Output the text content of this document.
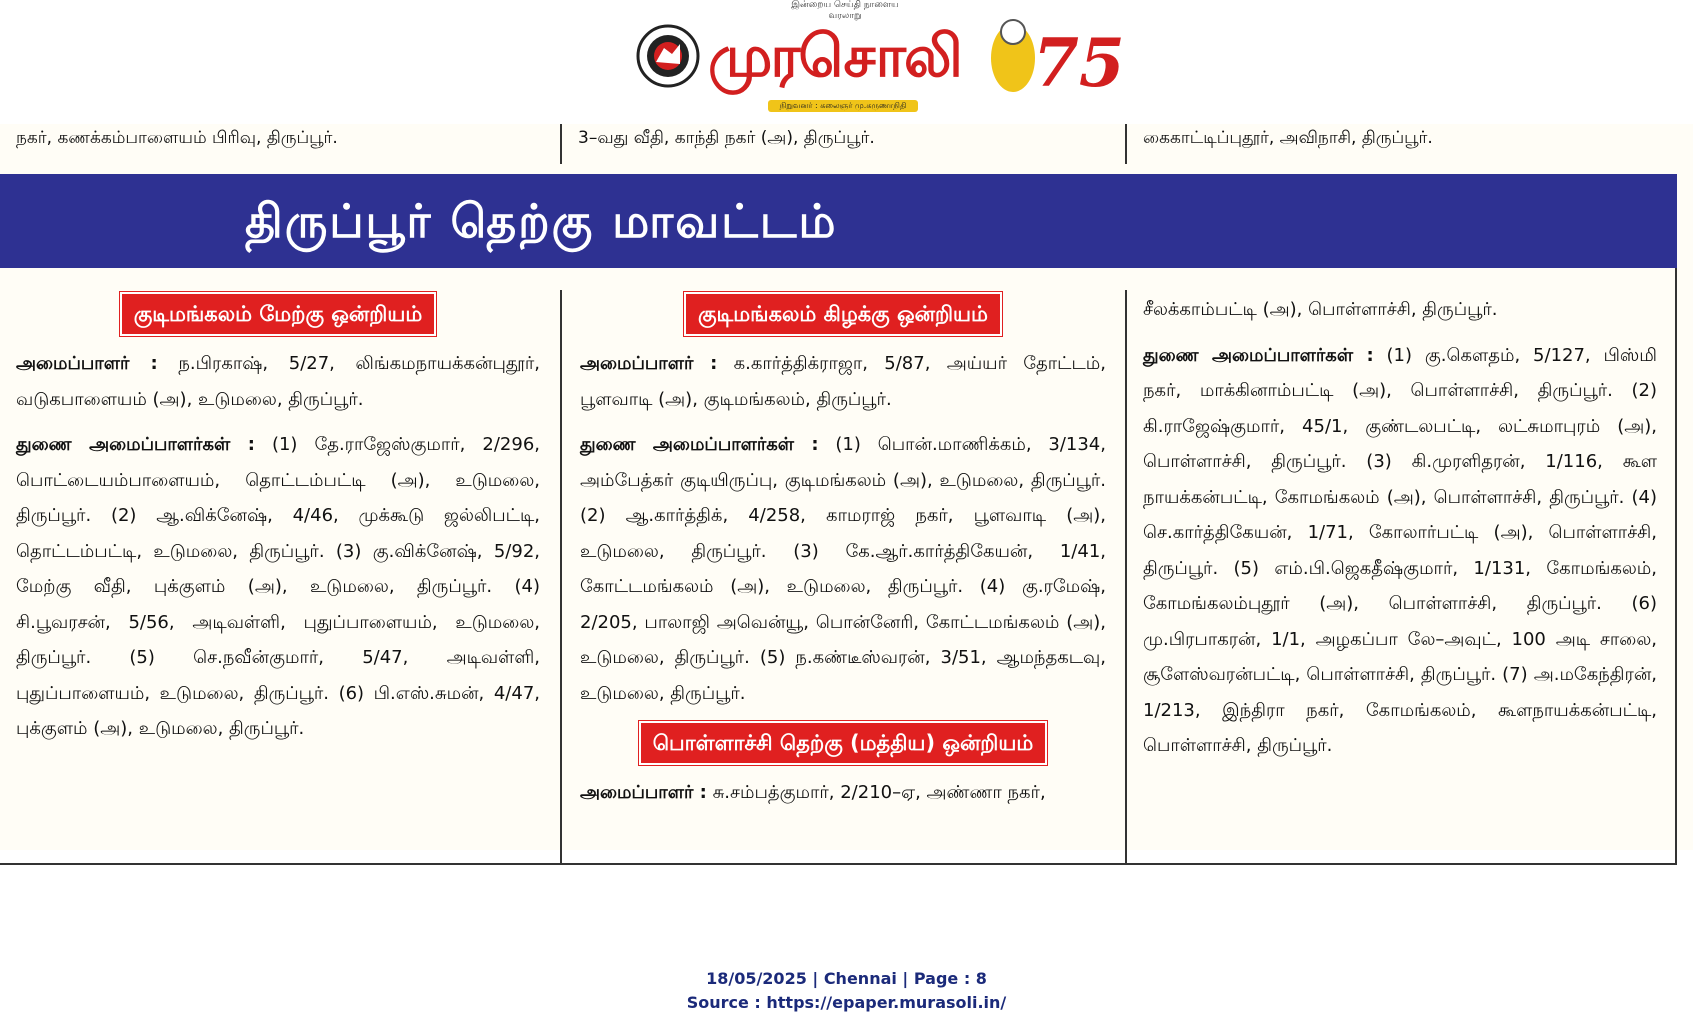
இன்றைய செய்தி நாளைய வரலாறு
முரசொலி
நிறுவனர் : கலைஞர் மு.கருணாநிதி
75
நகர், கணக்கம்பாளையம் பிரிவு, திருப்பூர்.	3–வது வீதி, காந்தி நகர் (அ), திருப்பூர்.	கைகாட்டிப்புதூர், அவிநாசி, திருப்பூர்.
திருப்பூர் தெற்கு மாவட்டம்
குடிமங்கலம் மேற்கு ஒன்றியம்

அமைப்பாளர் : ந.பிரகாஷ், 5/27, லிங்கமநாயக்கன்புதூர், வடுகபாளையம் (அ), உடுமலை, திருப்பூர்.

துணை அமைப்பாளர்கள் : (1) தே.ராஜேஸ்குமார், 2/296, பொட்டையம்பாளையம், தொட்டம்பட்டி (அ), உடுமலை, திருப்பூர். (2) ஆ.விக்னேஷ், 4/46, முக்கூடு ஜல்லிபட்டி, தொட்டம்பட்டி, உடுமலை, திருப்பூர். (3) கு.விக்னேஷ், 5/92, மேற்கு வீதி, புக்குளம் (அ), உடுமலை, திருப்பூர். (4) சி.பூவரசன், 5/56, அடிவள்ளி, புதுப்பாளையம், உடுமலை, திருப்பூர். (5) செ.நவீன்குமார், 5/47, அடிவள்ளி, புதுப்பாளையம், உடுமலை, திருப்பூர். (6) பி.எஸ்.சுமன், 4/47, புக்குளம் (அ), உடுமலை, திருப்பூர்.

குடிமங்கலம் கிழக்கு ஒன்றியம்

அமைப்பாளர் : க.கார்த்திக்ராஜா, 5/87, அய்யர் தோட்டம், பூளவாடி (அ), குடிமங்கலம், திருப்பூர்.

துணை அமைப்பாளர்கள் : (1) பொன்.மாணிக்கம், 3/134, அம்பேத்கர் குடியிருப்பு, குடிமங்கலம் (அ), உடுமலை, திருப்பூர். (2) ஆ.கார்த்திக், 4/258, காமராஜ் நகர், பூளவாடி (அ), உடுமலை, திருப்பூர். (3) கே.ஆர்.கார்த்திகேயன், 1/41, கோட்டமங்கலம் (அ), உடுமலை, திருப்பூர். (4) கு.ரமேஷ், 2/205, பாலாஜி அவென்யூ, பொன்னேரி, கோட்டமங்கலம் (அ), உடுமலை, திருப்பூர். (5) ந.கண்டீஸ்வரன், 3/51, ஆமந்தகடவு, உடுமலை, திருப்பூர்.

பொள்ளாச்சி தெற்கு (மத்திய) ஒன்றியம்

அமைப்பாளர் : சு.சம்பத்குமார், 2/210–ஏ, அண்ணா நகர்,

சீலக்காம்பட்டி (அ), பொள்ளாச்சி, திருப்பூர்.

துணை அமைப்பாளர்கள் : (1) கு.கௌதம், 5/127, பிஸ்மி நகர், மாக்கினாம்பட்டி (அ), பொள்ளாச்சி, திருப்பூர். (2) கி.ராஜேஷ்குமார், 45/1, குண்டலபட்டி, லட்சுமாபுரம் (அ), பொள்ளாச்சி, திருப்பூர். (3) கி.முரளிதரன், 1/116, கூள நாயக்கன்பட்டி, கோமங்கலம் (அ), பொள்ளாச்சி, திருப்பூர். (4) செ.கார்த்திகேயன், 1/71, கோலார்பட்டி (அ), பொள்ளாச்சி, திருப்பூர். (5) எம்.பி.ஜெகதீஷ்குமார், 1/131, கோமங்கலம், கோமங்கலம்புதூர் (அ), பொள்ளாச்சி, திருப்பூர். (6) மு.பிரபாகரன், 1/1, அழகப்பா லே–அவுட், 100 அடி சாலை, சூளேஸ்வரன்பட்டி, பொள்ளாச்சி, திருப்பூர். (7) அ.மகேந்திரன், 1/213, இந்திரா நகர், கோமங்கலம், கூளநாயக்கன்பட்டி, பொள்ளாச்சி, திருப்பூர்.

18/05/2025 | Chennai | Page : 8
Source : https://epaper.murasoli.in/
